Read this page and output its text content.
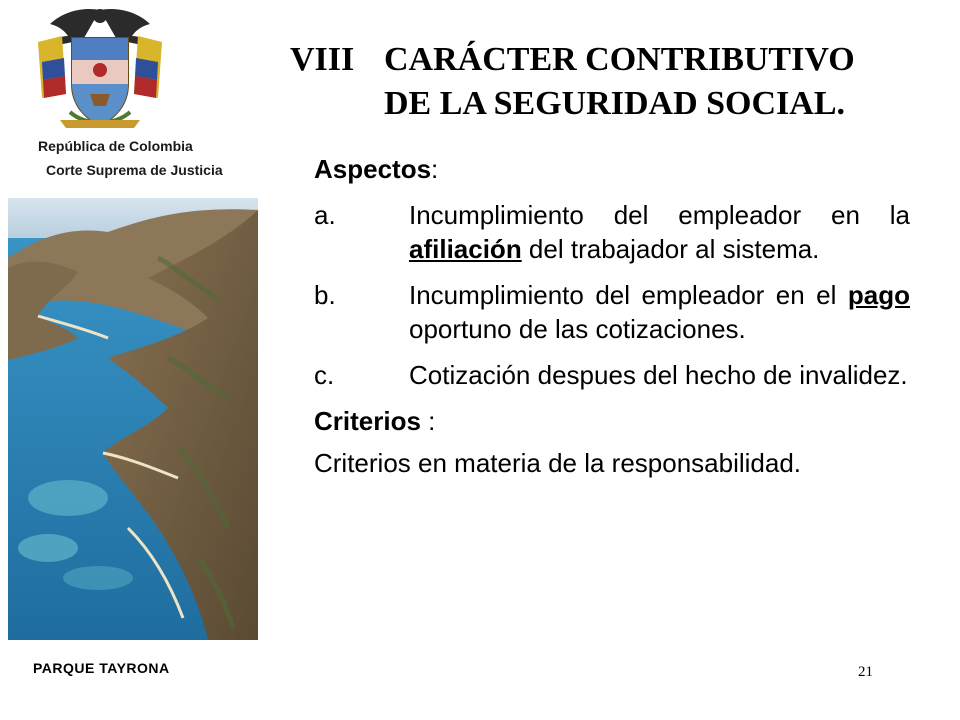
República de Colombia
Corte Suprema de Justicia
PARQUE TAYRONA
VIII CARÁCTER CONTRIBUTIVO
DE LA SEGURIDAD SOCIAL.

Aspectos:

a.	Incumplimiento del empleador en la afiliación del trabajador al sistema.
b.	Incumplimiento del empleador en el pago oportuno de las cotizaciones.
c.	Cotización despues del hecho de invalidez.

Criterios :

Criterios en materia de la responsabilidad.
21
